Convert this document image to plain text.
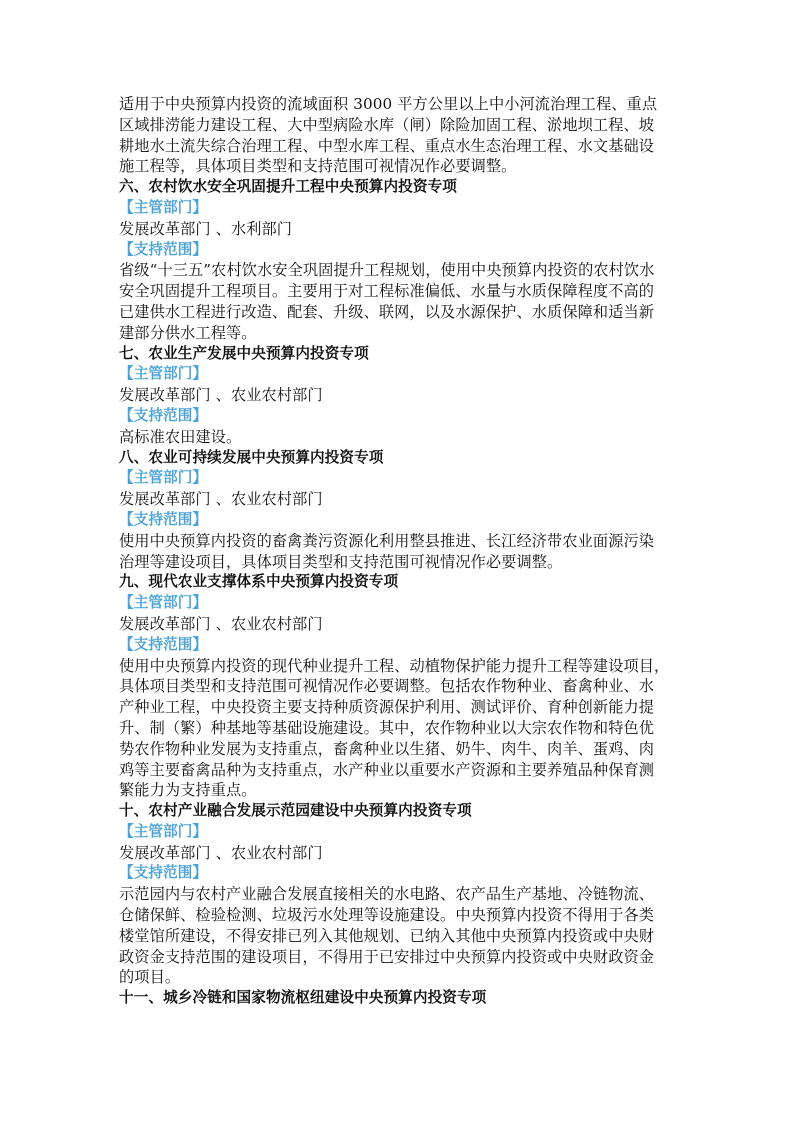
适用于中央预算内投资的流域面积 3000 平方公里以上中小河流治理工程、重点
区域排涝能力建设工程、大中型病险水库（闸）除险加固工程、淤地坝工程、坡
耕地水土流失综合治理工程、中型水库工程、重点水生态治理工程、水文基础设
施工程等，具体项目类型和支持范围可视情况作必要调整。
六、农村饮水安全巩固提升工程中央预算内投资专项
【主管部门】
发展改革部门 、水利部门
【支持范围】
省级“十三五”农村饮水安全巩固提升工程规划，使用中央预算内投资的农村饮水
安全巩固提升工程项目。主要用于对工程标准偏低、水量与水质保障程度不高的
已建供水工程进行改造、配套、升级、联网，以及水源保护、水质保障和适当新
建部分供水工程等。
七、农业生产发展中央预算内投资专项
【主管部门】
发展改革部门 、农业农村部门
【支持范围】
高标准农田建设。
八、农业可持续发展中央预算内投资专项
【主管部门】
发展改革部门 、农业农村部门
【支持范围】
使用中央预算内投资的畜禽粪污资源化利用整县推进、长江经济带农业面源污染
治理等建设项目，具体项目类型和支持范围可视情况作必要调整。
九、现代农业支撑体系中央预算内投资专项
【主管部门】
发展改革部门 、农业农村部门
【支持范围】
使用中央预算内投资的现代种业提升工程、动植物保护能力提升工程等建设项目，
具体项目类型和支持范围可视情况作必要调整。包括农作物种业、畜禽种业、水
产种业工程，中央投资主要支持种质资源保护利用、测试评价、育种创新能力提
升、制（繁）种基地等基础设施建设。其中，农作物种业以大宗农作物和特色优
势农作物种业发展为支持重点，畜禽种业以生猪、奶牛、肉牛、肉羊、蛋鸡、肉
鸡等主要畜禽品种为支持重点，水产种业以重要水产资源和主要养殖品种保育测
繁能力为支持重点。
十、农村产业融合发展示范园建设中央预算内投资专项
【主管部门】
发展改革部门 、农业农村部门
【支持范围】
示范园内与农村产业融合发展直接相关的水电路、农产品生产基地、冷链物流、
仓储保鲜、检验检测、垃圾污水处理等设施建设。中央预算内投资不得用于各类
楼堂馆所建设，不得安排已列入其他规划、已纳入其他中央预算内投资或中央财
政资金支持范围的建设项目，不得用于已安排过中央预算内投资或中央财政资金
的项目。
十一、城乡冷链和国家物流枢纽建设中央预算内投资专项
